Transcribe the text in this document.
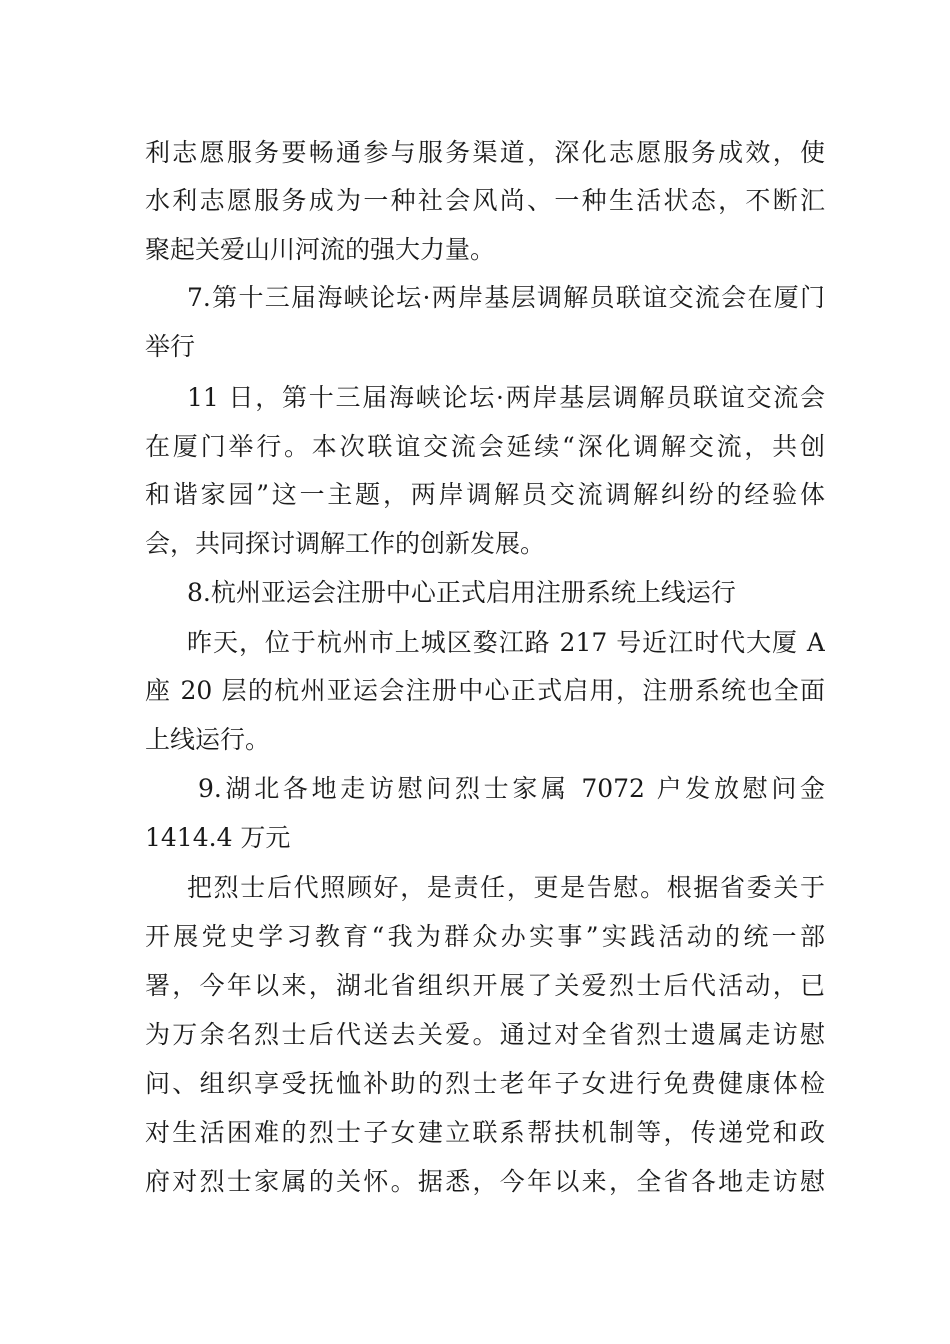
利志愿服务要畅通参与服务渠道，深化志愿服务成效，使
水利志愿服务成为一种社会风尚、一种生活状态，不断汇
聚起关爱山川河流的强大力量。
7.第十三届海峡论坛·两岸基层调解员联谊交流会在厦门
举行
11 日，第十三届海峡论坛·两岸基层调解员联谊交流会
在厦门举行。本次联谊交流会延续“深化调解交流，共创
和谐家园”这一主题，两岸调解员交流调解纠纷的经验体
会，共同探讨调解工作的创新发展。
8.杭州亚运会注册中心正式启用注册系统上线运行
昨天，位于杭州市上城区婺江路 217 号近江时代大厦 A
座 20 层的杭州亚运会注册中心正式启用，注册系统也全面
上线运行。
9.湖北各地走访慰问烈士家属 7072 户发放慰问金
1414.4 万元
把烈士后代照顾好，是责任，更是告慰。根据省委关于
开展党史学习教育“我为群众办实事”实践活动的统一部
署，今年以来，湖北省组织开展了关爱烈士后代活动，已
为万余名烈士后代送去关爱。通过对全省烈士遗属走访慰
问、组织享受抚恤补助的烈士老年子女进行免费健康体检
对生活困难的烈士子女建立联系帮扶机制等，传递党和政
府对烈士家属的关怀。据悉，今年以来，全省各地走访慰
